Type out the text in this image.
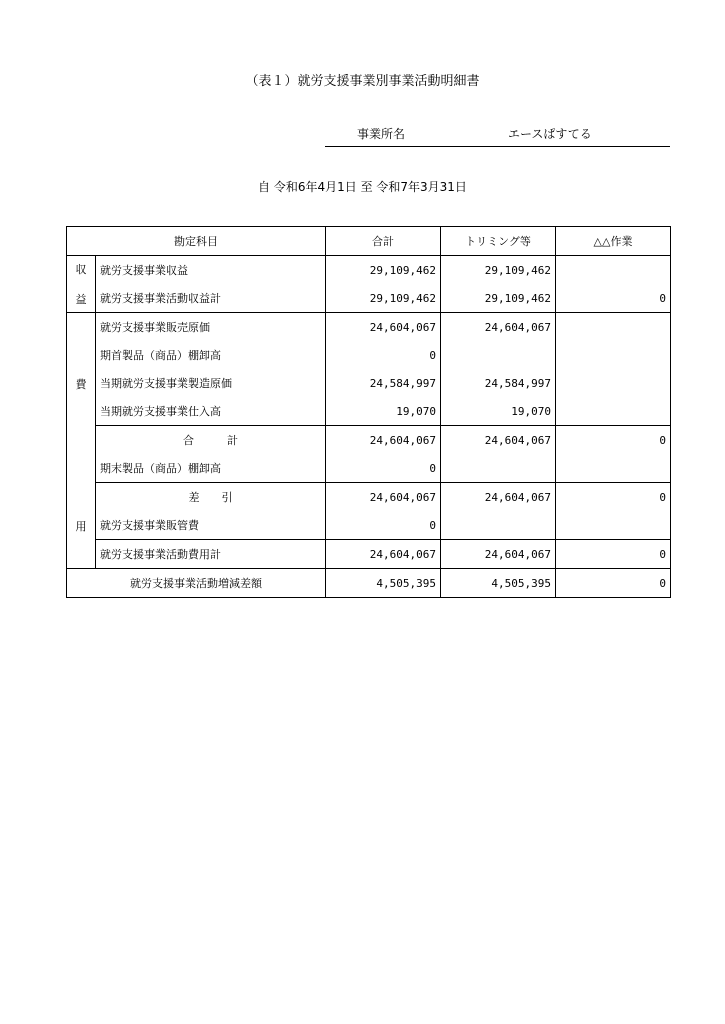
（表１）就労支援事業別事業活動明細書
事業所名	エースぱすてる
自 令和6年4月1日 至 令和7年3月31日
勘定科目		合計	トリミング等	△△作業

収
益	就労支援事業収益	29,109,462	29,109,462	
	就労支援事業活動収益計	29,109,462	29,109,462	0

費
用	就労支援事業販売原価	24,604,067	24,604,067	
	期首製品（商品）棚卸高	0		
	当期就労支援事業製造原価	24,584,997	24,584,997	
	当期就労支援事業仕入高	19,070	19,070	
	合　　　計	24,604,067	24,604,067	0
	期末製品（商品）棚卸高	0		
	差　　引	24,604,067	24,604,067	0
	就労支援事業販管費	0		
	就労支援事業活動費用計	24,604,067	24,604,067	0
就労支援事業活動増減差額		4,505,395	4,505,395	0
